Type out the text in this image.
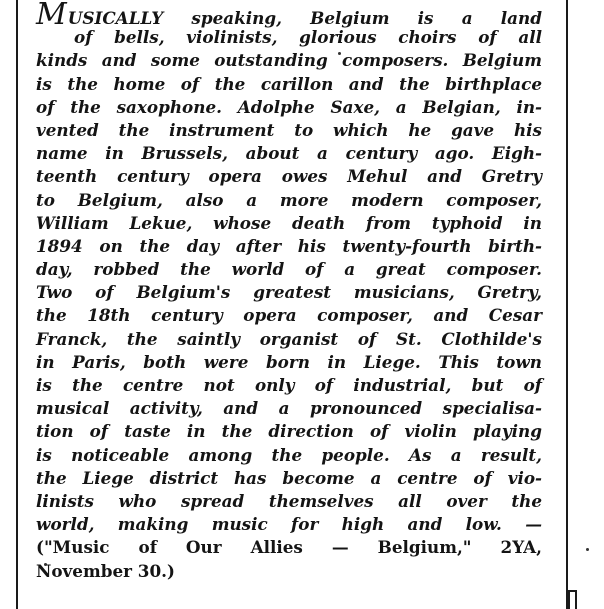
MUSICALLY speaking, Belgium is a land
of bells, violinists, glorious choirs of all
kinds and some outstanding composers. Belgium
is the home of the carillon and the birthplace
of the saxophone. Adolphe Saxe, a Belgian, in-
vented the instrument to which he gave his
name in Brussels, about a century ago. Eigh-
teenth century opera owes Mehul and Gretry
to Belgium, also a more modern composer,
William Lekue, whose death from typhoid in
1894 on the day after his twenty-fourth birth-
day, robbed the world of a great composer.
Two of Belgium's greatest musicians, Gretry,
the 18th century opera composer, and Cesar
Franck, the saintly organist of St. Clothilde's
in Paris, both were born in Liege. This town
is the centre not only of industrial, but of
musical activity, and a pronounced specialisa-
tion of taste in the direction of violin playing
is noticeable among the people. As a result,
the Liege district has become a centre of vio-
linists who spread themselves all over the
world, making music for high and low. —
("Music of Our Allies — Belgium," 2YA,
November 30.)
